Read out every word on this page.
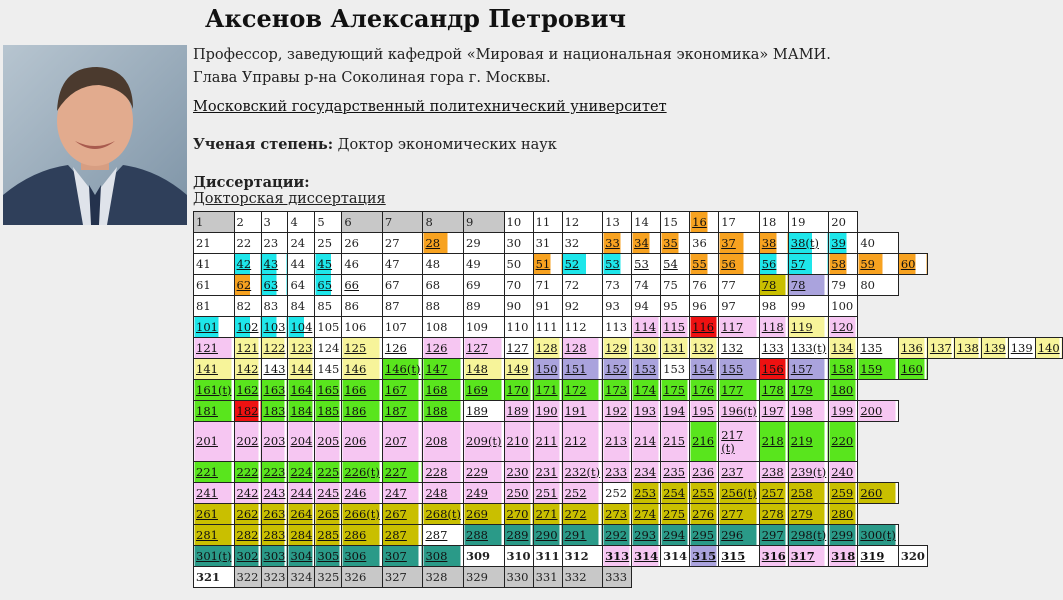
Аксенов Александр Петрович
Профессор, заведующий кафедрой «Мировая и национальная экономика» МАМИ.
Глава Управы р-на Соколиная гора г. Москвы.
Московский государственный политехнический университет
Ученая степень: Доктор экономических наук
Диссертации:
Докторская диссертация
1	2	3	4	5	6	7	8	9	10	11	12	13	14	15	16	17	18	19	20							
21	22	23	24	25	26	27	28	29	30	31	32	33	34	35	36	37	38	38(t)	39	40						
41	42	43	44	45	46	47	48	49	50	51	52	53	53	54	55	56	56	57	58	59	60					
61	62	63	64	65	66	67	68	69	70	71	72	73	74	75	76	77	78	78	79	80						
81	82	83	84	85	86	87	88	89	90	91	92	93	94	95	96	97	98	99	100							
101	102	103	104	105	106	107	108	109	110	111	112	113	114	115	116	117	118	119	120							
121	121	122	123	124	125	126	126	127	127	128	128	129	130	131	132	132	133	133(t)	134	135	136	137	138	139	139	140
141	142	143	144	145	146	146(t)	147	148	149	150	151	152	153	153	154	155	156	157	158	159	160					
161(t)	162	163	164	165	166	167	168	169	170	171	172	173	174	175	176	177	178	179	180							
181	182	183	184	185	186	187	188	189	189	190	191	192	193	194	195	196(t)	197	198	199	200						
201	202	203	204	205	206	207	208	209(t)	210	211	212	213	214	215	216	217 (t)	218	219	220							
221	222	223	224	225	226(t)	227	228	229	230	231	232(t)	233	234	235	236	237	238	239(t)	240							
241	242	243	244	245	246	247	248	249	250	251	252	252	253	254	255	256(t)	257	258	259	260						
261	262	263	264	265	266(t)	267	268(t)	269	270	271	272	273	274	275	276	277	278	279	280							
281	282	283	284	285	286	287	287	288	289	290	291	292	293	294	295	296	297	298(t)	299	300(t)						
301(t)	302	303	304	305	306	307	308	309	310	311	312	313	314	314	315	315	316	317	318	319	320					
321	322	323	324	325	326	327	328	329	330	331	332	333														
